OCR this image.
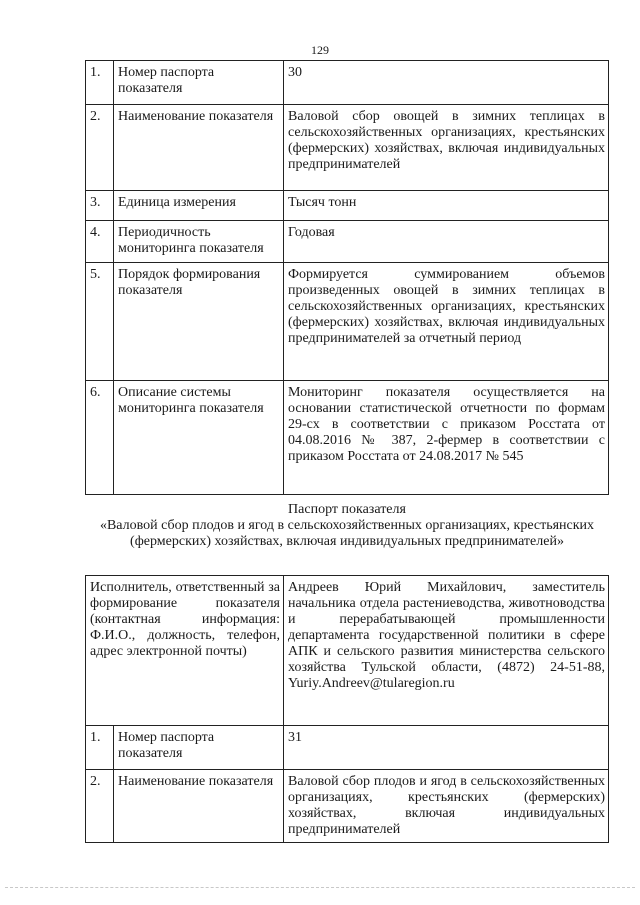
129
1.	Номер паспорта показателя	30
2.	Наименование показателя	Валовой сбор овощей в зимних теплицах в сельскохозяйственных организациях, крестьянских (фермерских) хозяйствах, включая индивидуальных предпринимателей
3.	Единица измерения	Тысяч тонн
4.	Периодичность мониторинга показателя	Годовая
5.	Порядок формирования показателя	Формируется суммированием объемов произведенных овощей в зимних теплицах в сельскохозяйственных организациях, крестьянских (фермерских) хозяйствах, включая индивидуальных предпринимателей за отчетный период
6.	Описание системы мониторинга показателя	Мониторинг показателя осуществляется на основании статистической отчетности по формам 29-сх в соответствии с приказом Росстата от 04.08.2016 № 387, 2-фермер в соответствии с приказом Росстата от 24.08.2017 № 545
Паспорт показателя
«Валовой сбор плодов и ягод в сельскохозяйственных организациях, крестьянских (фермерских) хозяйствах, включая индивидуальных предпринимателей»
Исполнитель, ответственный за формирование показателя (контактная информация: Ф.И.О., должность, телефон, адрес электронной почты)		Андреев Юрий Михайлович, заместитель начальника отдела растениеводства, животноводства и перерабатывающей промышленности департамента государственной политики в сфере АПК и сельского развития министерства сельского хозяйства Тульской области, (4872) 24-51-88, Yuriy.Andreev@tularegion.ru
1.	Номер паспорта показателя	31
2.	Наименование показателя	Валовой сбор плодов и ягод в сельскохозяйственных организациях, крестьянских (фермерских) хозяйствах, включая индивидуальных предпринимателей
